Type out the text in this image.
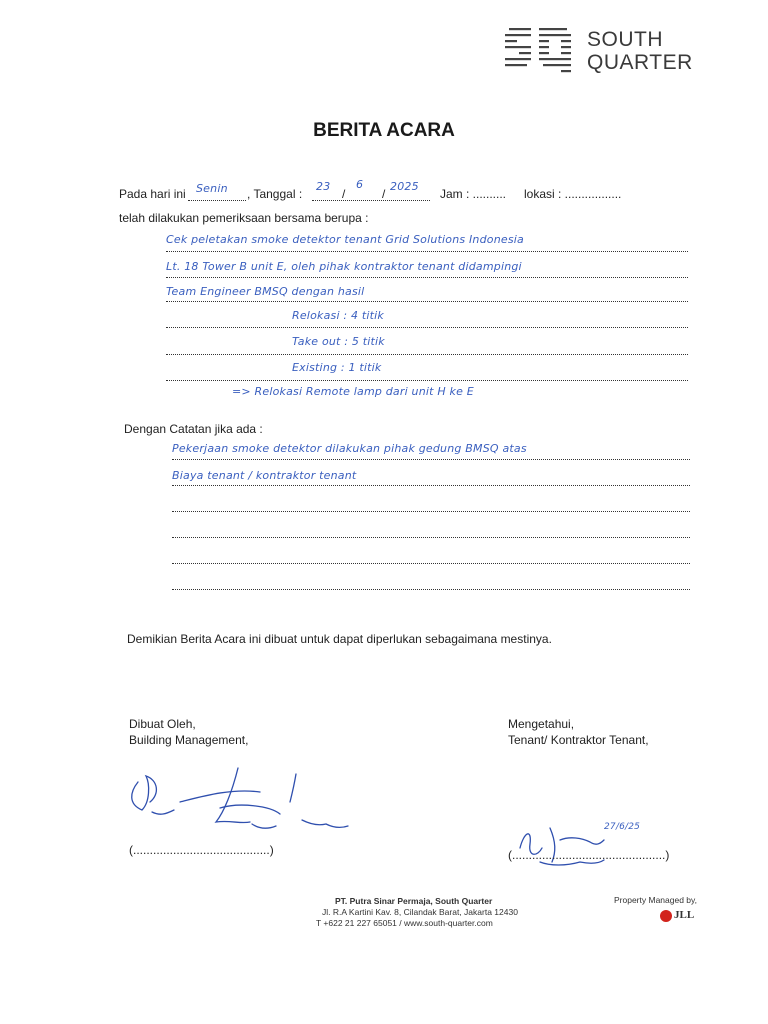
SOUTH
QUARTER
BERITA ACARA
Pada hari ini Senin , Tanggal :
23
/
6
/
2025
Jam : .......... lokasi : .................
telah dilakukan pemeriksaan bersama berupa :
Cek peletakan smoke detektor tenant Grid Solutions Indonesia
Lt. 18 Tower B unit E, oleh pihak kontraktor tenant didampingi
Team Engineer BMSQ dengan hasil
Relokasi : 4 titik
Take out : 5 titik
Existing : 1 titik
=> Relokasi Remote lamp dari unit H ke E
Dengan Catatan jika ada :
Pekerjaan smoke detektor dilakukan pihak gedung BMSQ atas
Biaya tenant / kontraktor tenant
Demikian Berita Acara ini dibuat untuk dapat diperlukan sebagaimana mestinya.
Dibuat Oleh,
Building Management,
(.........................................)
Mengetahui,
Tenant/ Kontraktor Tenant,
27/6/25
(..............................................)
PT. Putra Sinar Permaja, South Quarter
Jl. R.A Kartini Kav. 8, Cilandak Barat, Jakarta 12430
T +622 21 227 65051 / www.south-quarter.com
Property Managed by,
JLL
